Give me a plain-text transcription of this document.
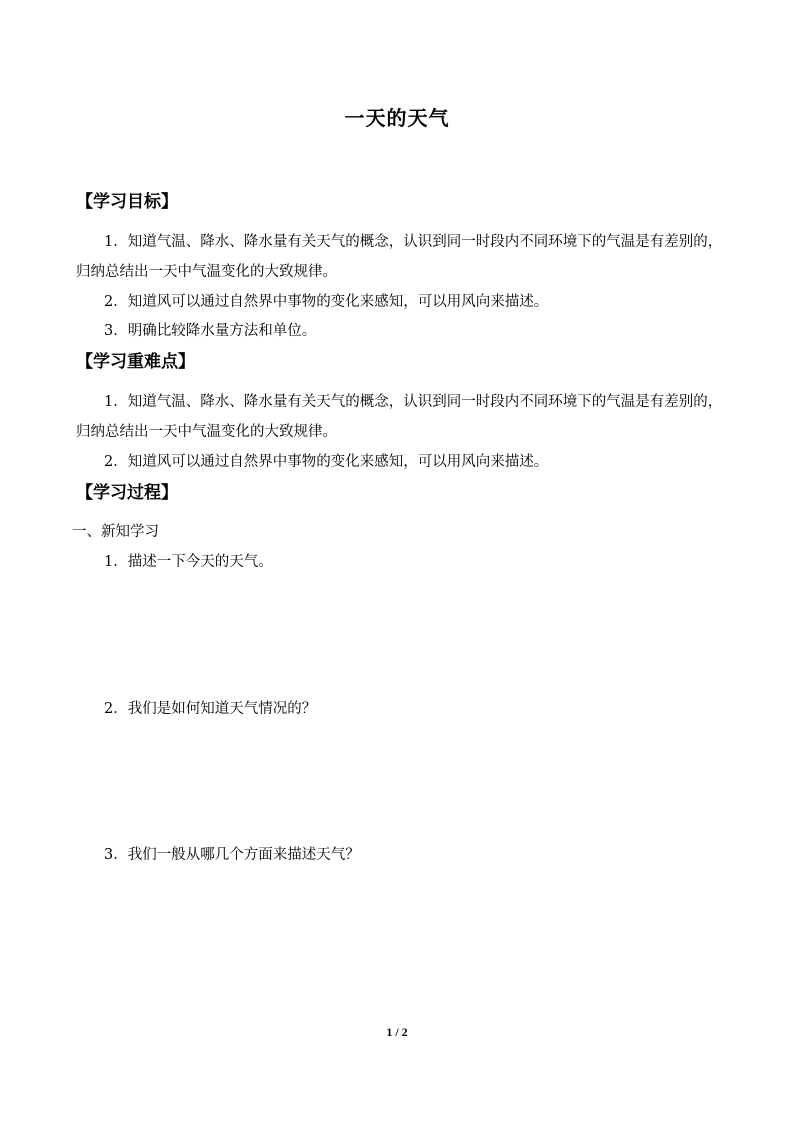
一天的天气
【学习目标】
1．知道气温、降水、降水量有关天气的概念，认识到同一时段内不同环境下的气温是有差别的，归纳总结出一天中气温变化的大致规律。
2．知道风可以通过自然界中事物的变化来感知，可以用风向来描述。
3．明确比较降水量方法和单位。
【学习重难点】
1．知道气温、降水、降水量有关天气的概念，认识到同一时段内不同环境下的气温是有差别的，归纳总结出一天中气温变化的大致规律。
2．知道风可以通过自然界中事物的变化来感知，可以用风向来描述。
【学习过程】
一、新知学习
1．描述一下今天的天气。
2．我们是如何知道天气情况的？
3．我们一般从哪几个方面来描述天气？
1 / 2
